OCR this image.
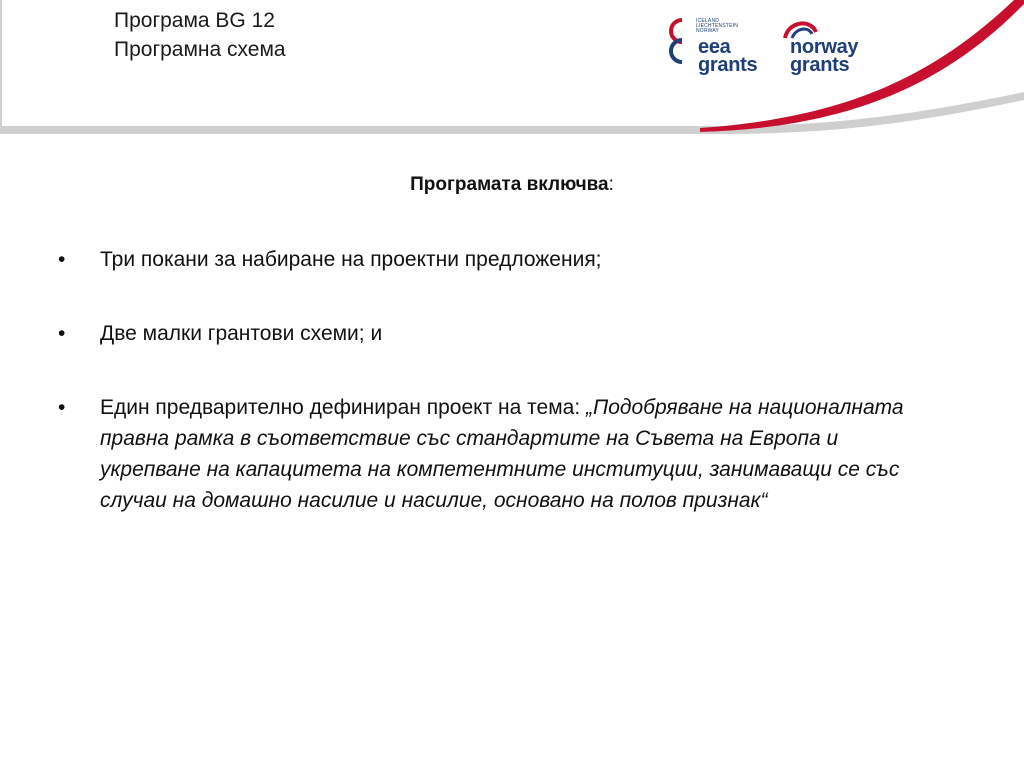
Програма BG 12
Програмна схема
ICELAND
LIECHTENSTEIN
NORWAY
eea
grants
norway
grants
Програмата включва:
• Три покани за набиране на проектни предложения;
• Две малки грантови схеми; и
• Един предварително дефиниран проект на тема: „Подобряване на националната правна рамка в съответствие със стандартите на Съвета на Европа и укрепване на капацитета на компетентните институции, занимаващи се със случаи на домашно насилие и насилие, основано на полов признак“
